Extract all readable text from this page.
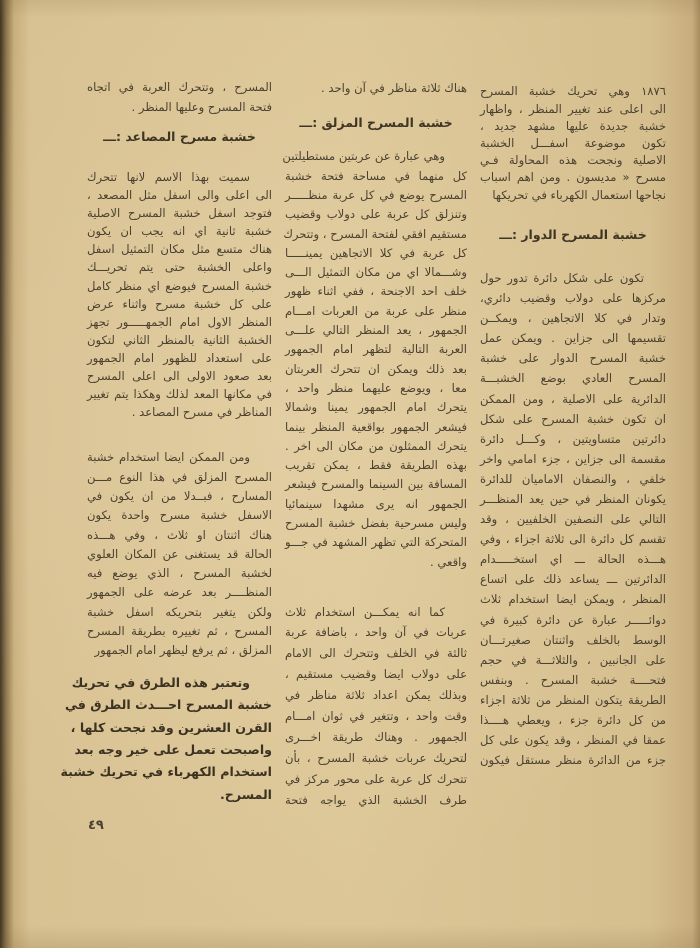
١٨٧٦ وهي تحريك خشبة المسرح
الى اعلى عند تغيير المنظر ، واظهار
خشبة جديدة عليها مشهد جديد ،
تكون موضوعة اسفـــل الخشبة
الاصلية ونجحت هذه المحاولة فـي
مسرح « مديسون . ومن اهم اسباب
نجاحها استعمال الكهرباء في تحريكها
خشبة المسرح الدوار :ـــ
تكون على شكل دائرة تدور حول
مركزها على دولاب وقضيب دائري،
وتدار في كلا الاتجاهين ، ويمكــن
تقسيمها الى جزاين . ويمكن عمل
خشبة المسرح الدوار على خشبة
المسرح العادي بوضع الخشبـــة
الدائرية على الاصلية ، ومن الممكن
ان تكون خشبة المسرح على شكل
دائرتين متساويتين ، وكـــل دائرة
مقسمة الى جزاين ، جزء امامي واخر
خلفي ، والنصفان الاماميان للدائرة
يكونان المنظر في حين يعد المنظـــر
التالي على النصفين الخلفيين ، وقد
تقسم كل دائرة الى ثلاثة اجزاء ، وفي
هـــذه الحالة ـــ اي استخـــــدام
الدائرتين ـــ يساعد ذلك على اتساع
المنظر ، ويمكن ايضا استخدام ثلاث
دوائـــــر عبارة عن دائرة كبيرة في
الوسط بالخلف واثنتان صغيرتـــان
على الجانبين ، والثلاثـــة في حجم
فتحــــة خشبة المسرح . وبنفس
الطريقة يتكون المنظر من ثلاثة اجزاء
من كل دائرة جزء ، ويعطي هــــذا
عمقا في المنظر ، وقد يكون على كل
جزء من الدائرة منظر مستقل فيكون
هناك ثلاثة مناظر في آن واحد .
خشبة المسرح المزلق :ـــ
وهي عبارة عن عربتين مستطيلتين
كل منهما في مساحة فتحة خشبة
المسرح يوضع في كل عربة منظـــــر
وتنزلق كل عربة على دولاب وقضيب
مستقيم افقي لفتحة المسرح ، وتتحرك
كل عربة في كلا الاتجاهين يمينـــــا
وشـــمالا اي من مكان التمثيل الـــى
خلف احد الاجنحة ، ففي اثناء ظهور
منظر على عربة من العربات امـــام
الجمهور ، يعد المنظر التالي علـــى
العربة التالية لتظهر امام الجمهور
بعد ذلك ويمكن ان تتحرك العربتان
معا ، ويوضع عليهما منظر واحد ،
يتحرك امام الجمهور يمينا وشمالا
فيشعر الجمهور بواقعية المنظر بينما
يتحرك الممثلون من مكان الى اخر .
بهذه الطريقة فقط ، يمكن تقريب
المسافة بين السينما والمسرح فيشعر
الجمهور انه يرى مشهدا سينمائيا
وليس مسرحية بفضل خشبة المسرح
المتحركة التي تظهر المشهد في جـــو
واقعي .
كما انه يمكـــن استخدام ثلاث
عربات في آن واحد ، باضافة عربة
ثالثة في الخلف وتتحرك الى الامام
على دولاب ايضا وقضيب مستقيم ،
وبذلك يمكن اعداد ثلاثة مناظر في
وقت واحد ، وتتغير في ثوان امـــام
الجمهور . وهناك طريقة اخـــرى
لتحريك عربات خشبة المسرح ، بأن
تتحرك كل عربة على محور مركز في
طرف الخشبة الذي يواجه فتحة
المسرح ، وتتحرك العربة في اتجاه
فتحة المسرح وعليها المنظر .
خشبة مسرح المصاعد :ـــ
سميت بهذا الاسم لانها تتحرك
الى اعلى والى اسفل مثل المصعد ،
فتوجد اسفل خشبة المسرح الاصلية
خشبة ثانية اي انه يجب ان يكون
هناك متسع مثل مكان التمثيل اسفل
واعلى الخشبة حتى يتم تحريـــك
خشبة المسرح فيوضع اي منظر كامل
على كل خشبة مسرح واثناء عرض
المنظر الاول امام الجمهـــــور تجهز
الخشبة الثانية بالمنظر الثاني لتكون
على استعداد للظهور امام الجمهور
بعد صعود الاولى الى اعلى المسرح
في مكانها المعد لذلك وهكذا يتم تغيير
المناظر في مسرح المصاعد .
ومن الممكن ايضا استخدام خشبة
المسرح المزلق في هذا النوع مـــن
المسارح ، فبــدلا من ان يكون في
الاسفل خشبة مسرح واحدة يكون
هناك اثنتان او ثلاث ، وفي هـــذه
الحالة قد يستغنى عن المكان العلوي
لخشبة المسرح ، الذي يوضع فيه
المنظــــر بعد عرضه على الجمهور
ولكن يتغير بتحريكه اسفل خشبة
المسرح ، ثم تغييره بطريقة المسرح
المزلق ، ثم يرفع ليظهر امام الجمهور
وتعتبر هذه الطرق في تحريك
خشبة المسرح احـــدث الطرق في
القرن العشرين وقد نجحت كلها ،
واصبحت تعمل على خير وجه بعد
استخدام الكهرباء في تحريك خشبة
المسرح.
٤٩
